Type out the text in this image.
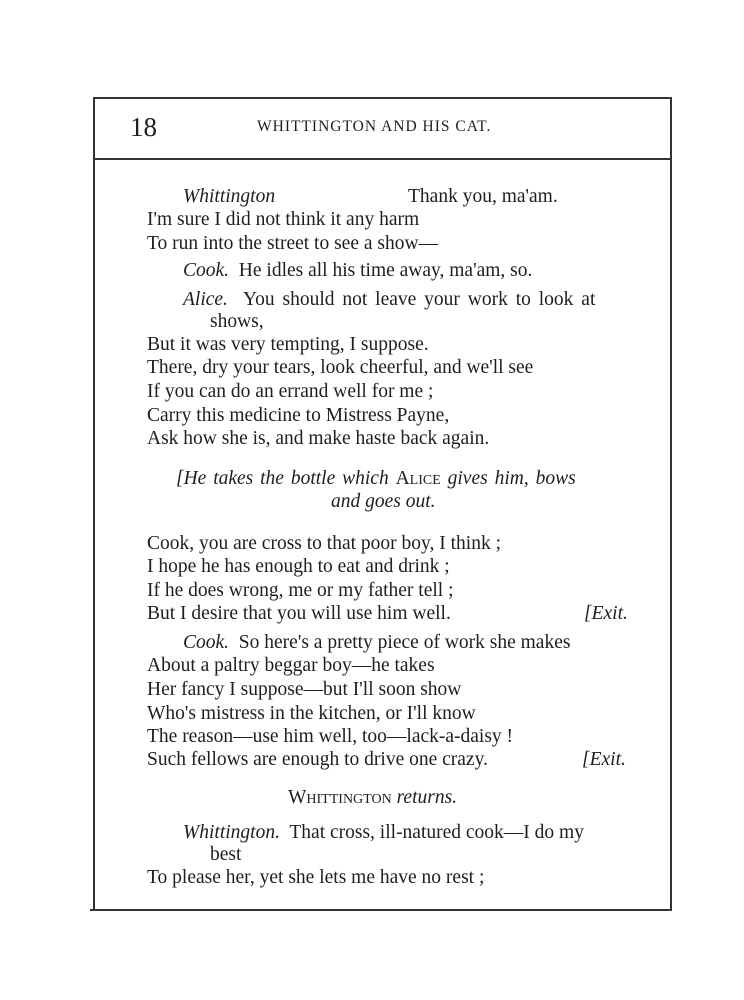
18	WHITTINGTON AND HIS CAT.
Whittington	Thank you, ma'am.
I'm sure I did not think it any harm
To run into the street to see a show—
Cook. He idles all his time away, ma'am, so.
Alice. You should not leave your work to look at
shows,
But it was very tempting, I suppose.
There, dry your tears, look cheerful, and we'll see
If you can do an errand well for me ;
Carry this medicine to Mistress Payne,
Ask how she is, and make haste back again.
[He takes the bottle which Alice gives him, bows
and goes out.
Cook, you are cross to that poor boy, I think ;
I hope he has enough to eat and drink ;
If he does wrong, me or my father tell ;
But I desire that you will use him well.	[Exit.
Cook. So here's a pretty piece of work she makes
About a paltry beggar boy—he takes
Her fancy I suppose—but I'll soon show
Who's mistress in the kitchen, or I'll know
The reason—use him well, too—lack-a-daisy !
Such fellows are enough to drive one crazy.	[Exit.
Whittington returns.
Whittington. That cross, ill-natured cook—I do my
best
To please her, yet she lets me have no rest ;
